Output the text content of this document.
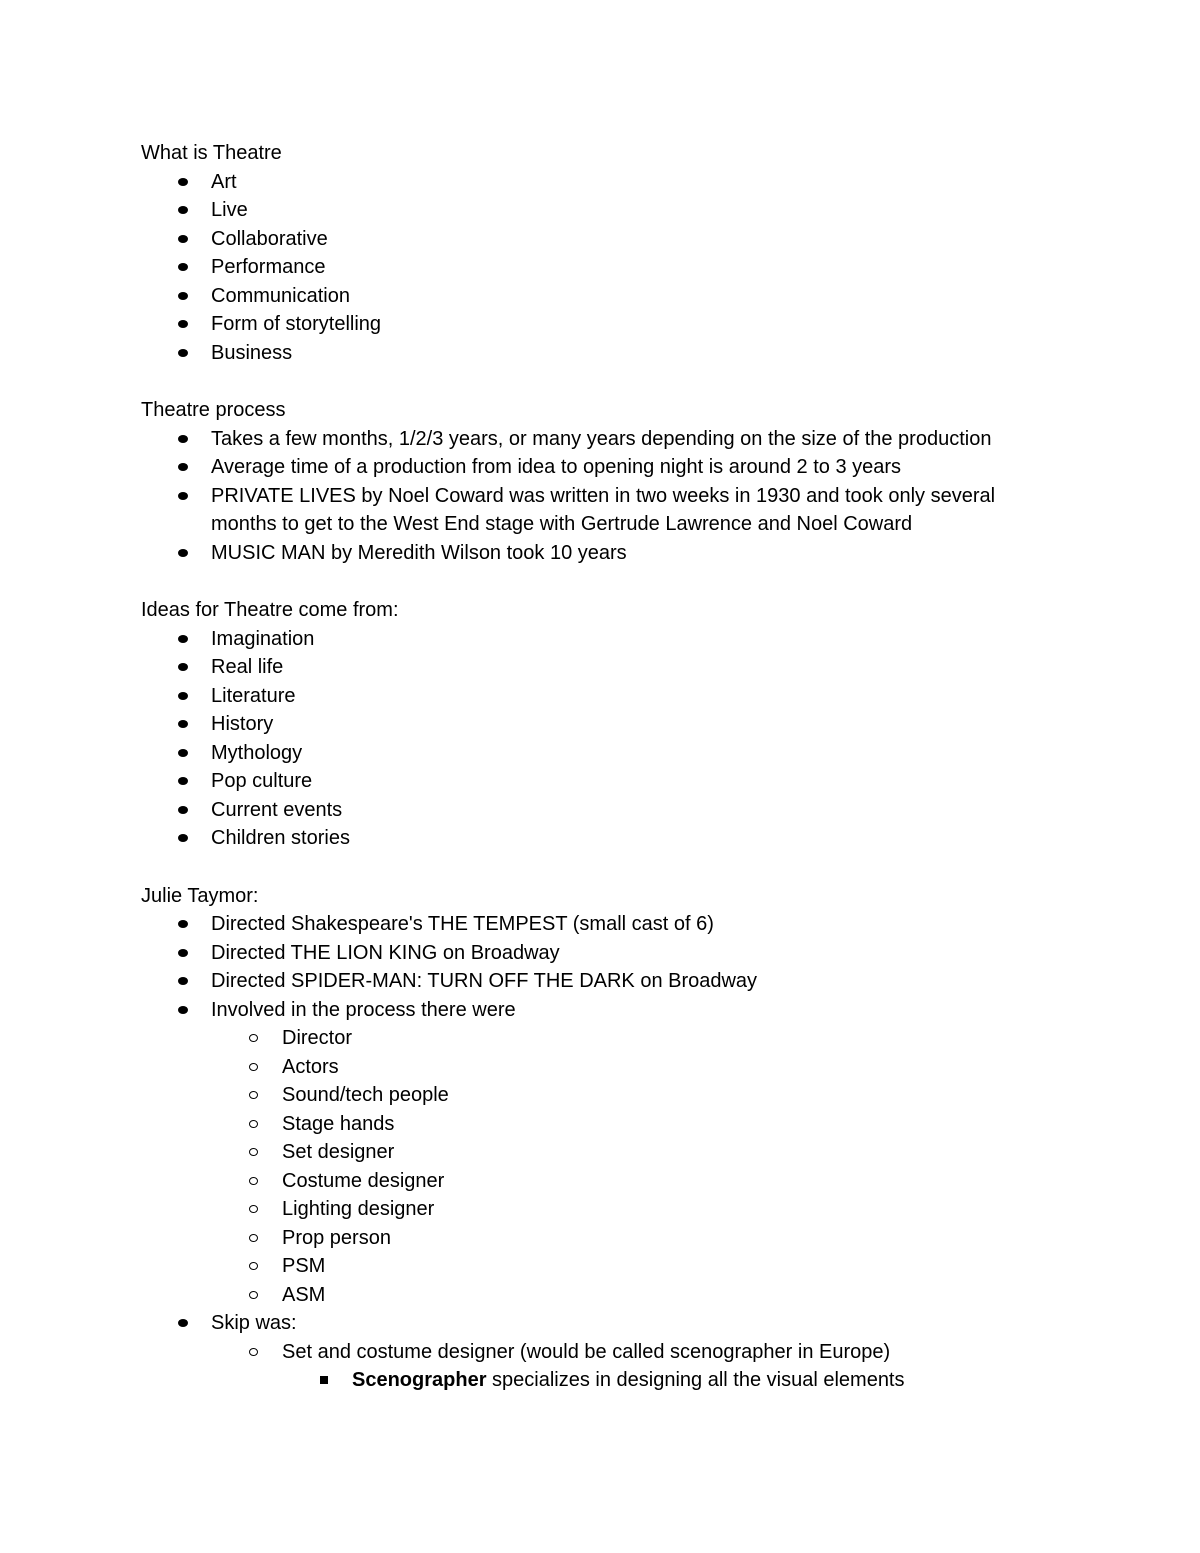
What is Theatre

Art
Live
Collaborative
Performance
Communication
Form of storytelling
Business

Theatre process

Takes a few months, 1/2/3 years, or many years depending on the size of the production
Average time of a production from idea to opening night is around 2 to 3 years
PRIVATE LIVES by Noel Coward was written in two weeks in 1930 and took only several months to get to the West End stage with Gertrude Lawrence and Noel Coward
MUSIC MAN by Meredith Wilson took 10 years

Ideas for Theatre come from:

Imagination
Real life
Literature
History
Mythology
Pop culture
Current events
Children stories

Julie Taymor:

Directed Shakespeare's THE TEMPEST (small cast of 6)
Directed THE LION KING on Broadway
Directed SPIDER-MAN: TURN OFF THE DARK on Broadway
Involved in the process there were
Director
Actors
Sound/tech people
Stage hands
Set designer
Costume designer
Lighting designer
Prop person
PSM
ASM
Skip was:
Set and costume designer (would be called scenographer in Europe)
Scenographer specializes in designing all the visual elements
